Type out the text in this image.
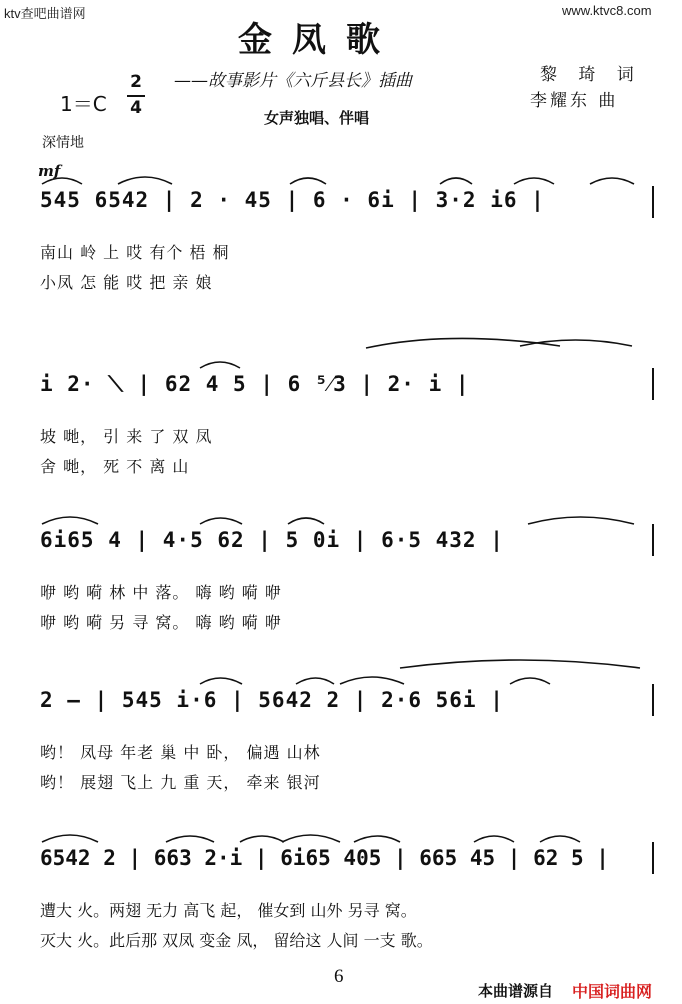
ktv查吧曲谱网	www.ktvc8.com
金凤歌
——故事影片《六斤县长》插曲	黎 琦 词
李耀东 曲
1＝C
2
4	女声独唱、伴唱
深情地
mf
545 6542 | 2 · 45 | 6 · 6i | 3·2 i6 |
南山 岭 上 哎 有个 梧 桐
小凤 怎 能 哎 把 亲 娘
i 2· ⟍ | 62 4 5 | 6 ⁵⁄3 | 2· i |
坡 哋， 引 来 了 双 凤
舍 哋， 死 不 离 山
6i65 4 | 4·5 62 | 5 0i | 6·5 432 |
咿 哟 嗬 林 中 落。 嗨 哟 嗬 咿
咿 哟 嗬 另 寻 窝。 嗨 哟 嗬 咿
2 — | 545 i·6 | 5642 2 | 2·6 56i |
哟！ 凤母 年老 巢 中 卧， 偏遇 山林
哟！ 展翅 飞上 九 重 天， 牵来 银河
6542 2 | 663 2·i | 6i65 405 | 665 45 | 62 5 |
遭大 火。两翅 无力 高飞 起， 催女到 山外 另寻 窝。
灭大 火。此后那 双凤 变金 凤， 留给这 人间 一支 歌。
6
本曲谱源自 中国词曲网
